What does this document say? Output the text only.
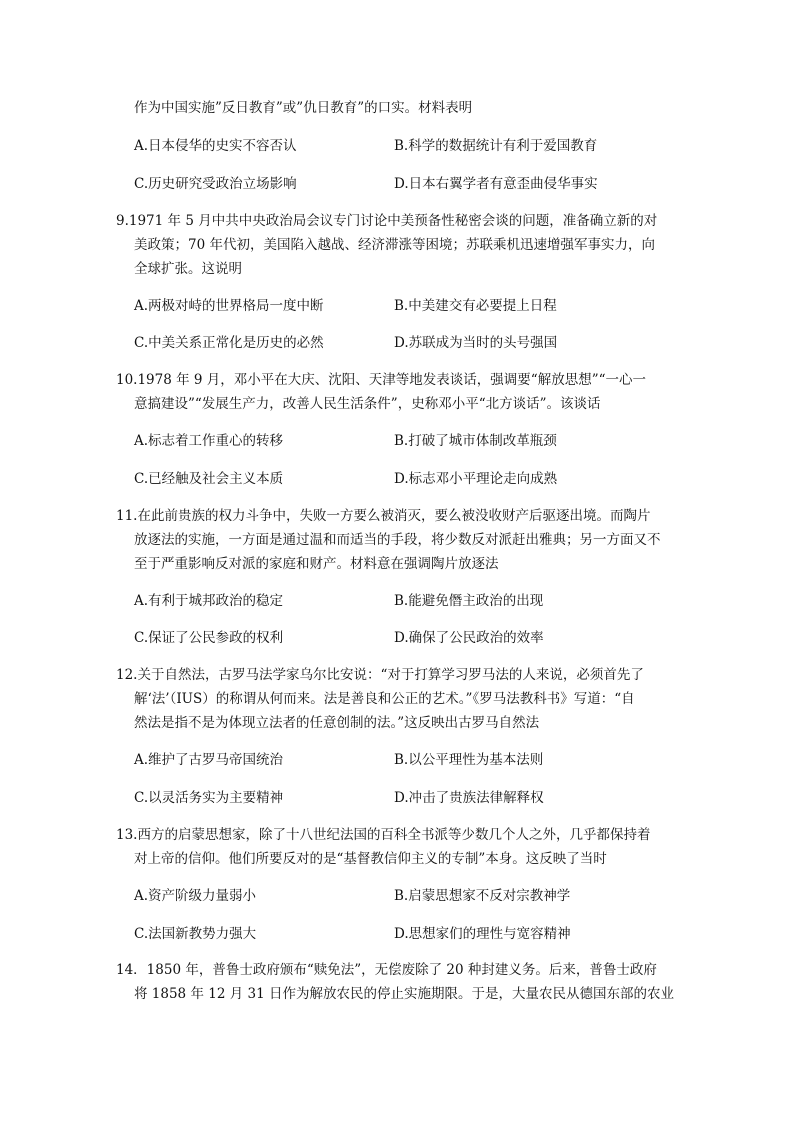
作为中国实施”反日教育”或”仇日教育”的口实。材料表明
A.日本侵华的史实不容否认	B.科学的数据统计有利于爱国教育
C.历史研究受政治立场影响	D.日本右翼学者有意歪曲侵华事实
9.1971 年 5 月中共中央政治局会议专门讨论中美预备性秘密会谈的问题，准备确立新的对
美政策；70 年代初，美国陷入越战、经济滞涨等困境；苏联乘机迅速增强军事实力，向
全球扩张。这说明
A.两极对峙的世界格局一度中断	B.中美建交有必要提上日程
C.中美关系正常化是历史的必然	D.苏联成为当时的头号强国
10.1978 年 9 月，邓小平在大庆、沈阳、天津等地发表谈话，强调要“解放思想”“一心一
意搞建设”“发展生产力，改善人民生活条件”，史称邓小平“北方谈话”。该谈话
A.标志着工作重心的转移	B.打破了城市体制改革瓶颈
C.已经触及社会主义本质	D.标志邓小平理论走向成熟
11.在此前贵族的权力斗争中，失败一方要么被消灭，要么被没收财产后驱逐出境。而陶片
放逐法的实施，一方面是通过温和而适当的手段，将少数反对派赶出雅典；另一方面又不
至于严重影响反对派的家庭和财产。材料意在强调陶片放逐法
A.有利于城邦政治的稳定	B.能避免僭主政治的出现
C.保证了公民参政的权利	D.确保了公民政治的效率
12.关于自然法，古罗马法学家乌尔比安说：“对于打算学习罗马法的人来说，必须首先了
解‘法’（IUS）的称谓从何而来。法是善良和公正的艺术。”《罗马法教科书》写道：“自
然法是指不是为体现立法者的任意创制的法。”这反映出古罗马自然法
A.维护了古罗马帝国统治	B.以公平理性为基本法则
C.以灵活务实为主要精神	D.冲击了贵族法律解释权
13.西方的启蒙思想家，除了十八世纪法国的百科全书派等少数几个人之外，几乎都保持着
对上帝的信仰。他们所要反对的是“基督教信仰主义的专制”本身。这反映了当时
A.资产阶级力量弱小	B.启蒙思想家不反对宗教神学
C.法国新教势力强大	D.思想家们的理性与宽容精神
14．1850 年，普鲁士政府颁布“赎免法”，无偿废除了 20 种封建义务。后来，普鲁士政府
将 1858 年 12 月 31 日作为解放农民的停止实施期限。于是，大量农民从德国东部的农业
